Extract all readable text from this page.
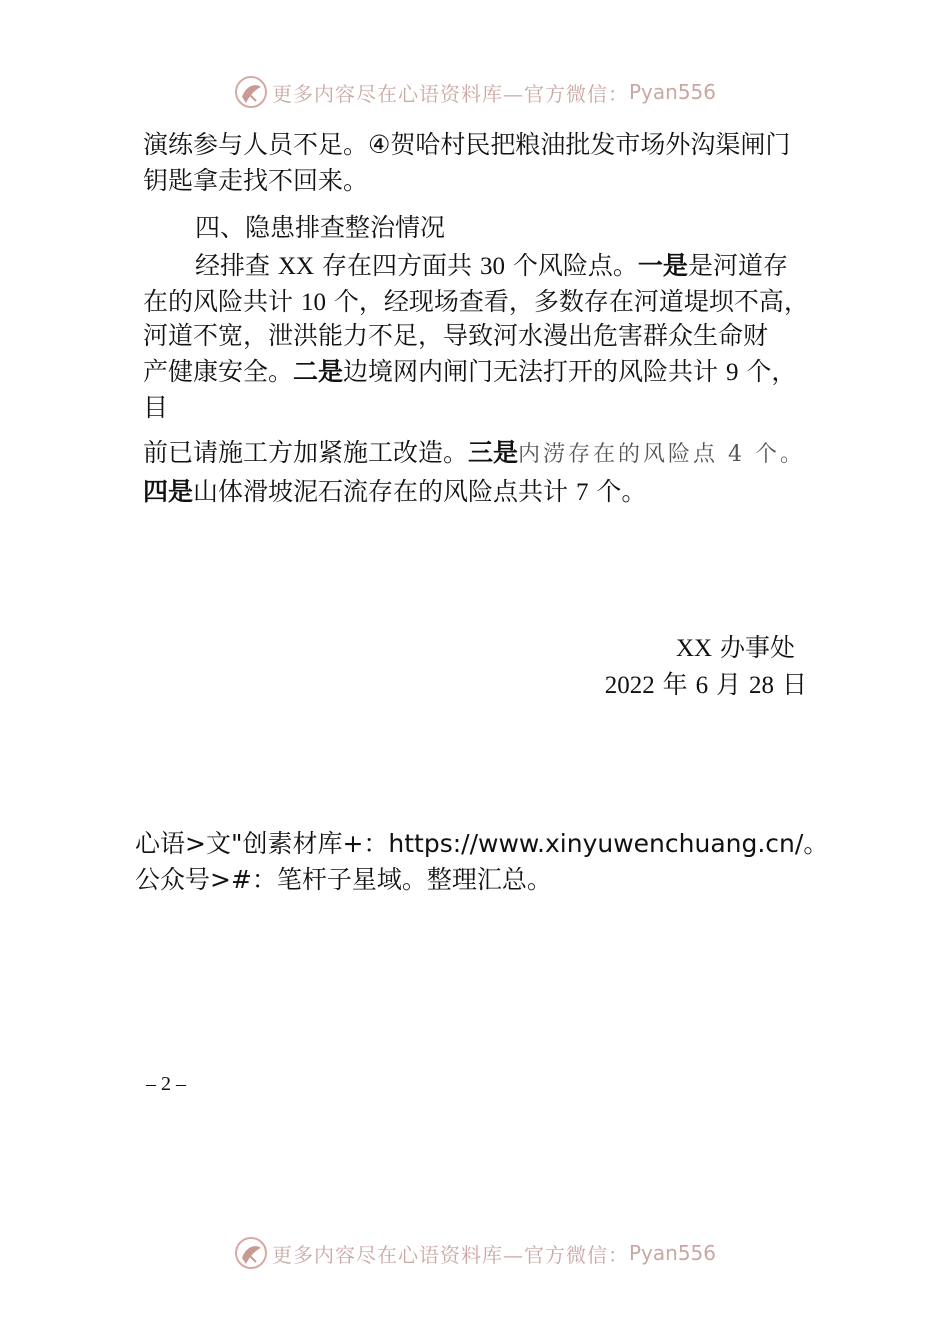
更多内容尽在心语资料库—官方微信： Pyan556
演练参与人员不足。④贺哈村民把粮油批发市场外沟渠闸门
钥匙拿走找不回来。
四、隐患排查整治情况
经排查 XX 存在四方面共 30 个风险点。一是是河道存
在的风险共计 10 个，经现场查看，多数存在河道堤坝不高，
河道不宽，泄洪能力不足，导致河水漫出危害群众生命财
产健康安全。二是边境网内闸门无法打开的风险共计 9 个，
目
前已请施工方加紧施工改造。三是内涝存在的风险点 4 个。
四是山体滑坡泥石流存在的风险点共计 7 个。
XX 办事处
2022 年 6 月 28 日
心语>文"创素材库+：https://www.xinyuwenchuang.cn/。
公众号>#：笔杆子星域。整理汇总。
– 2 –
更多内容尽在心语资料库—官方微信： Pyan556
